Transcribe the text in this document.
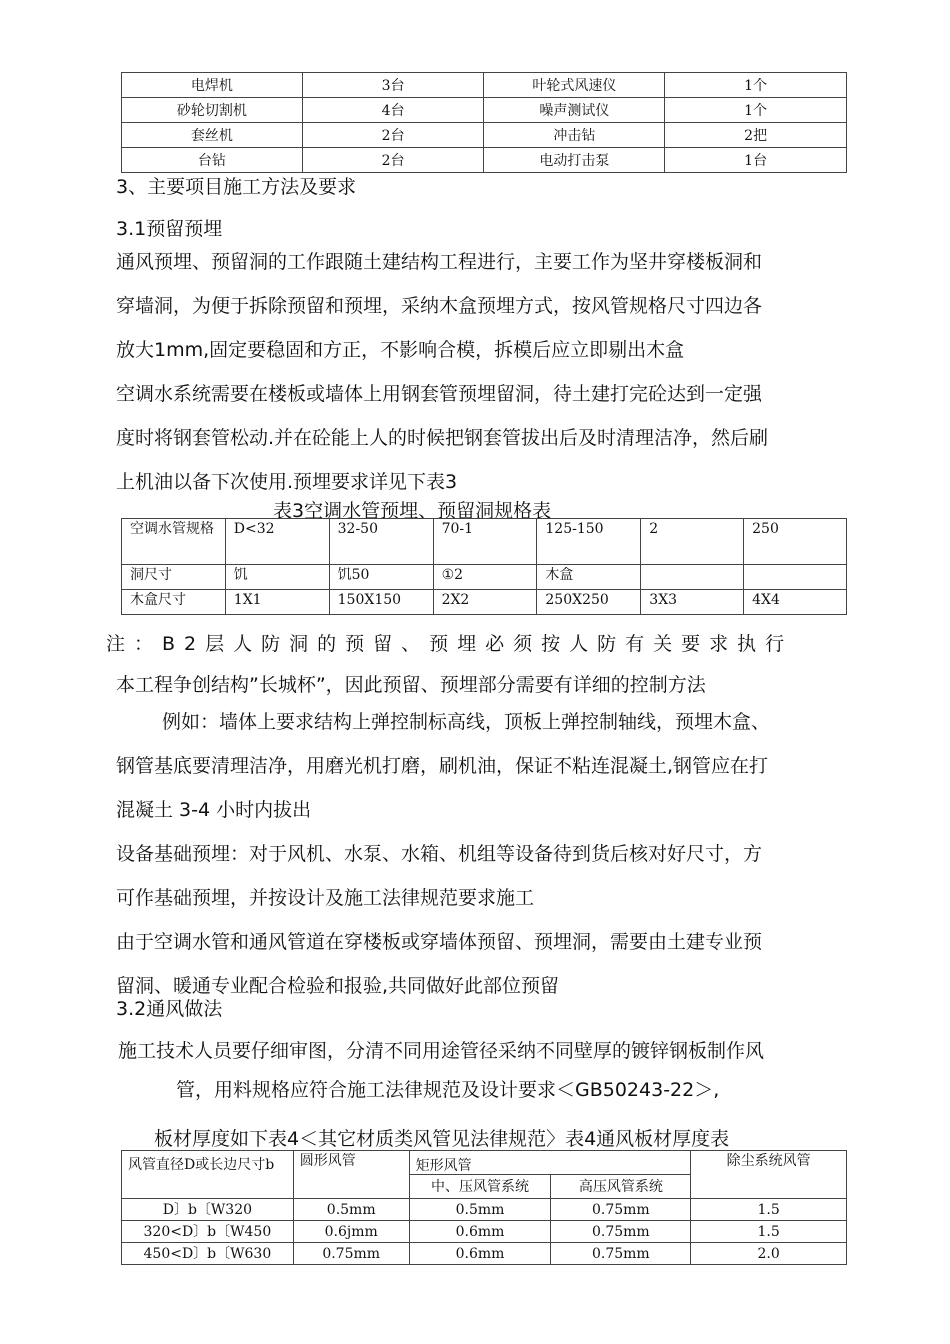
电焊机	3台	叶轮式风速仪	1个
砂轮切割机	4台	噪声测试仪	1个
套丝机	2台	冲击钻	2把
台钻	2台	电动打击泵	1台
3、主要项目施工方法及要求
3.1预留预埋
通风预埋、预留洞的工作跟随土建结构工程进行，主要工作为坚井穿楼板洞和
穿墙洞，为便于拆除预留和预埋，采纳木盒预埋方式，按风管规格尺寸四边各
放大1mm,固定要稳固和方正，不影响合模，拆模后应立即剔出木盒
空调水系统需要在楼板或墙体上用钢套管预埋留洞，待土建打完砼达到一定强
度时将钢套管松动.并在砼能上人的时候把钢套管拔出后及时清理洁净，然后刷
上机油以备下次使用.预埋要求详见下表3
表3空调水管预埋、预留洞规格表
空调水管规格	D<32	32-50	70-1	125-150	2	250
洞尺寸	饥	饥50	①2	木盒		
木盒尺寸	1X1	150X150	2X2	250X250	3X3	4X4
注：B2层人防洞的预留、预埋必须按人防有关要求执行
本工程争创结构”长城杯”，因此预留、预埋部分需要有详细的控制方法
例如：墙体上要求结构上弹控制标高线，顶板上弹控制轴线，预埋木盒、
钢管基底要清理洁净，用磨光机打磨，刷机油，保证不粘连混凝土,钢管应在打
混凝土 3-4 小时内拔出
设备基础预埋：对于风机、水泵、水箱、机组等设备待到货后核对好尺寸，方
可作基础预埋，并按设计及施工法律规范要求施工
由于空调水管和通风管道在穿楼板或穿墙体预留、预埋洞，需要由土建专业预
留洞、暖通专业配合检验和报验,共同做好此部位预留
3.2通风做法
施工技术人员要仔细审图，分清不同用途管径采纳不同壁厚的镀锌钢板制作风
管，用料规格应符合施工法律规范及设计要求＜GB50243-22＞,
板材厚度如下表4＜其它材质类风管见法律规范〉表4通风板材厚度表
风管直径D或长边尺寸b	圆形风管	矩形风管		除尘系统风管
		中、压风管系统	高压风管系统	
D〕b〔W320	0.5mm	0.5mm	0.75mm	1.5
320<D〕b〔W450	0.6jmm	0.6mm	0.75mm	1.5
450<D〕b〔W630	0.75mm	0.6mm	0.75mm	2.0
